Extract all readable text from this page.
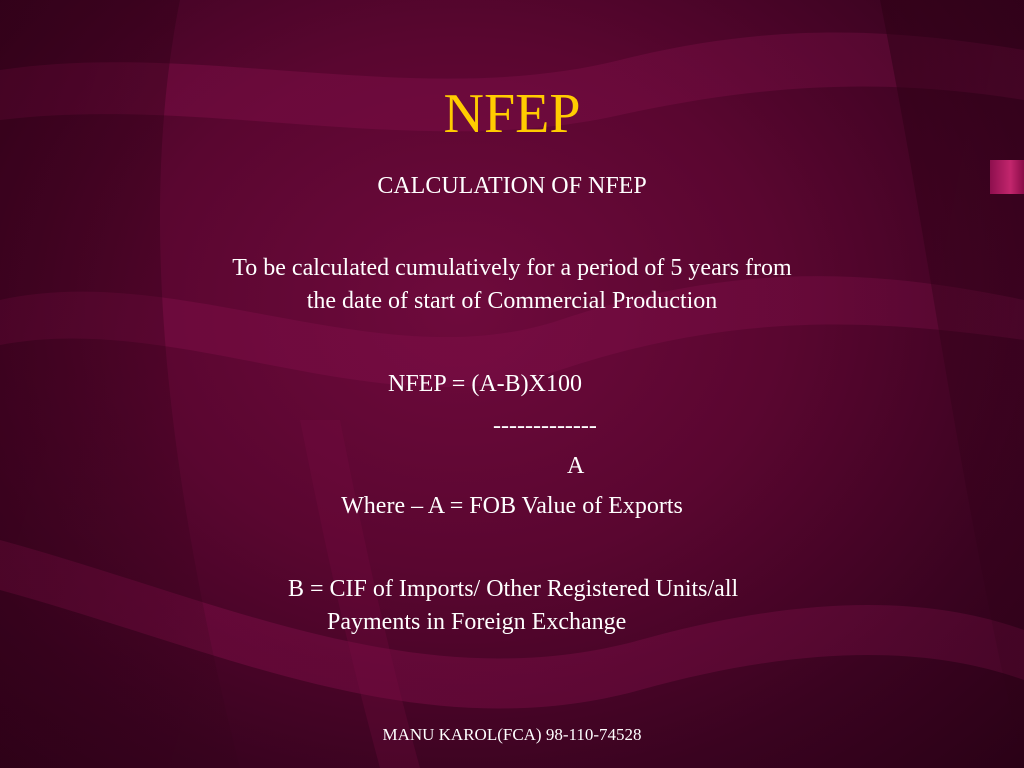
NFEP
CALCULATION OF NFEP
To be calculated cumulatively for a period of 5 years from
the date of start of Commercial Production
NFEP = (A-B)X100
-------------
A
Where – A = FOB Value of Exports
B = CIF of Imports/ Other Registered Units/all
Payments in Foreign Exchange
MANU KAROL(FCA) 98-110-74528
